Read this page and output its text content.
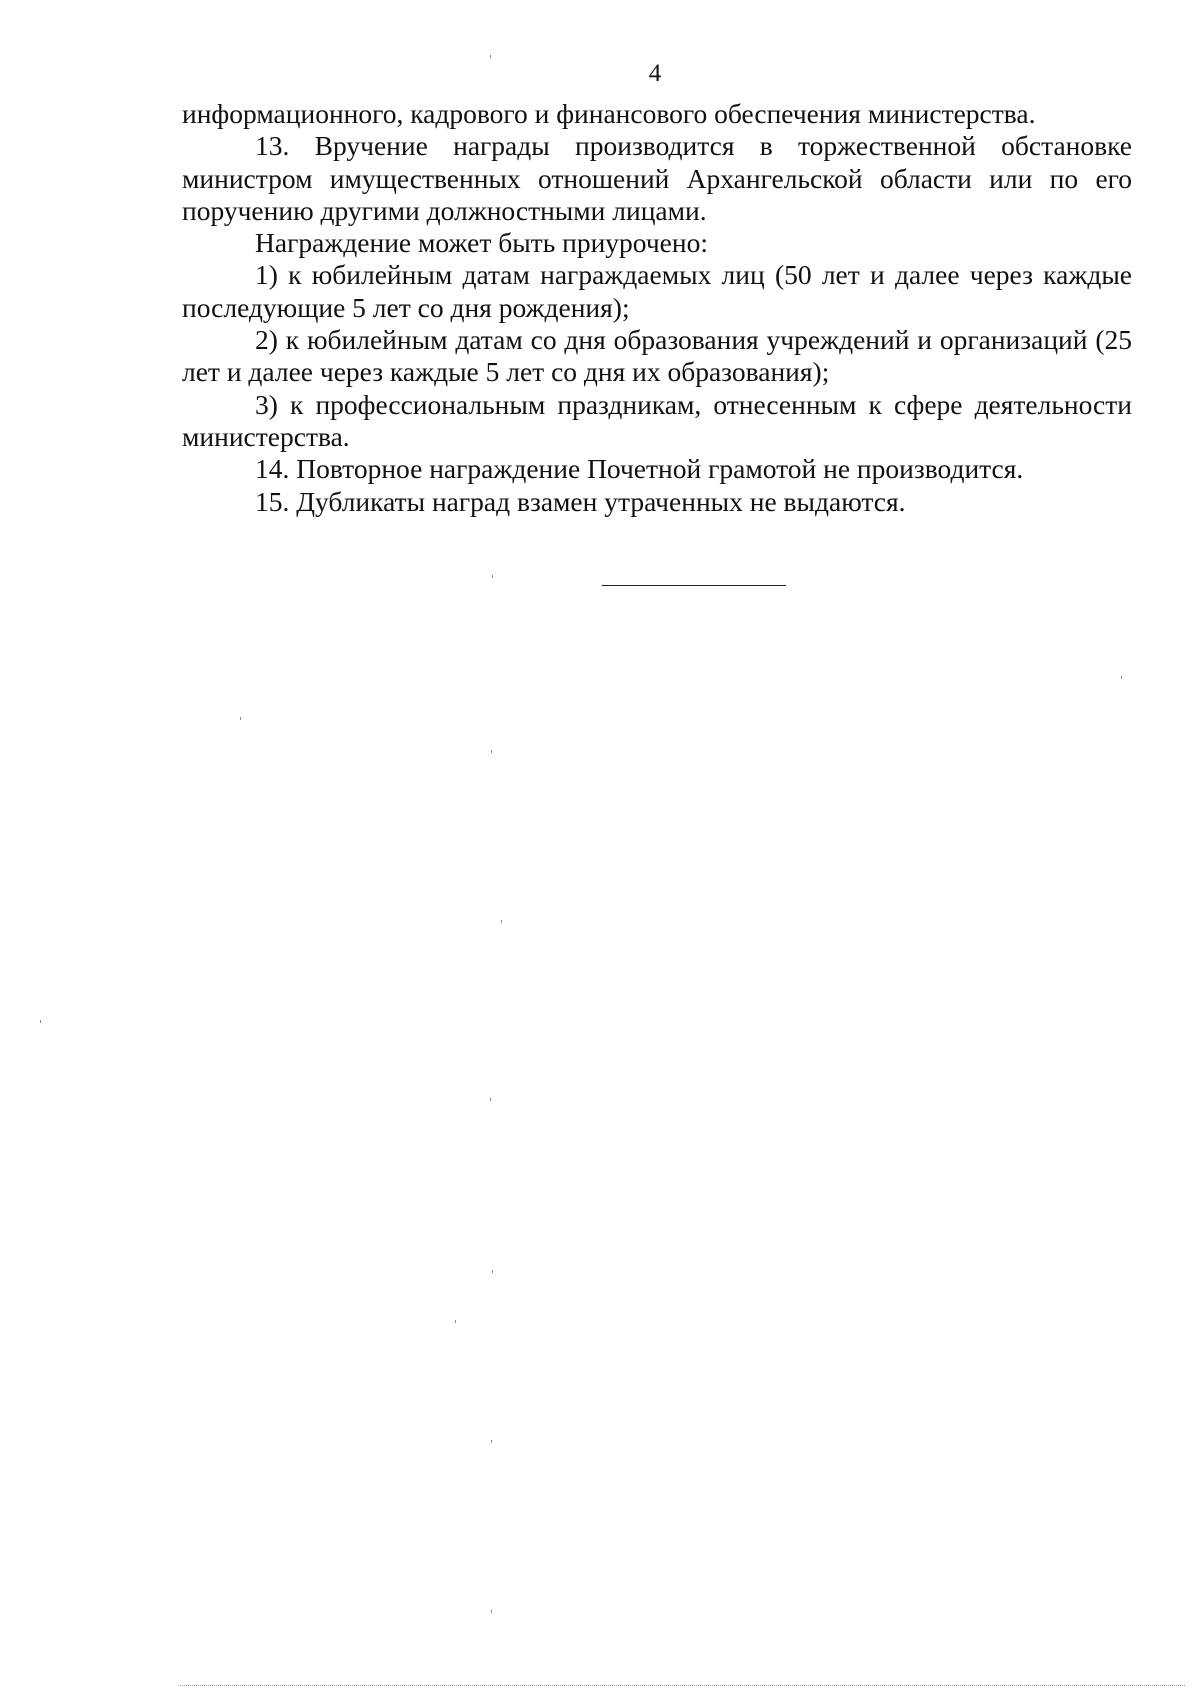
4

информационного, кадрового и финансового обеспечения министерства.

13. Вручение награды производится в торжественной обстановке министром имущественных отношений Архангельской области или по его поручению другими должностными лицами.

Награждение может быть приурочено:

1) к юбилейным датам награждаемых лиц (50 лет и далее через каждые последующие 5 лет со дня рождения);

2) к юбилейным датам со дня образования учреждений и организаций (25 лет и далее через каждые 5 лет со дня их образования);

3) к профессиональным праздникам, отнесенным к сфере деятельности министерства.

14. Повторное награждение Почетной грамотой не производится.

15. Дубликаты наград взамен утраченных не выдаются.
